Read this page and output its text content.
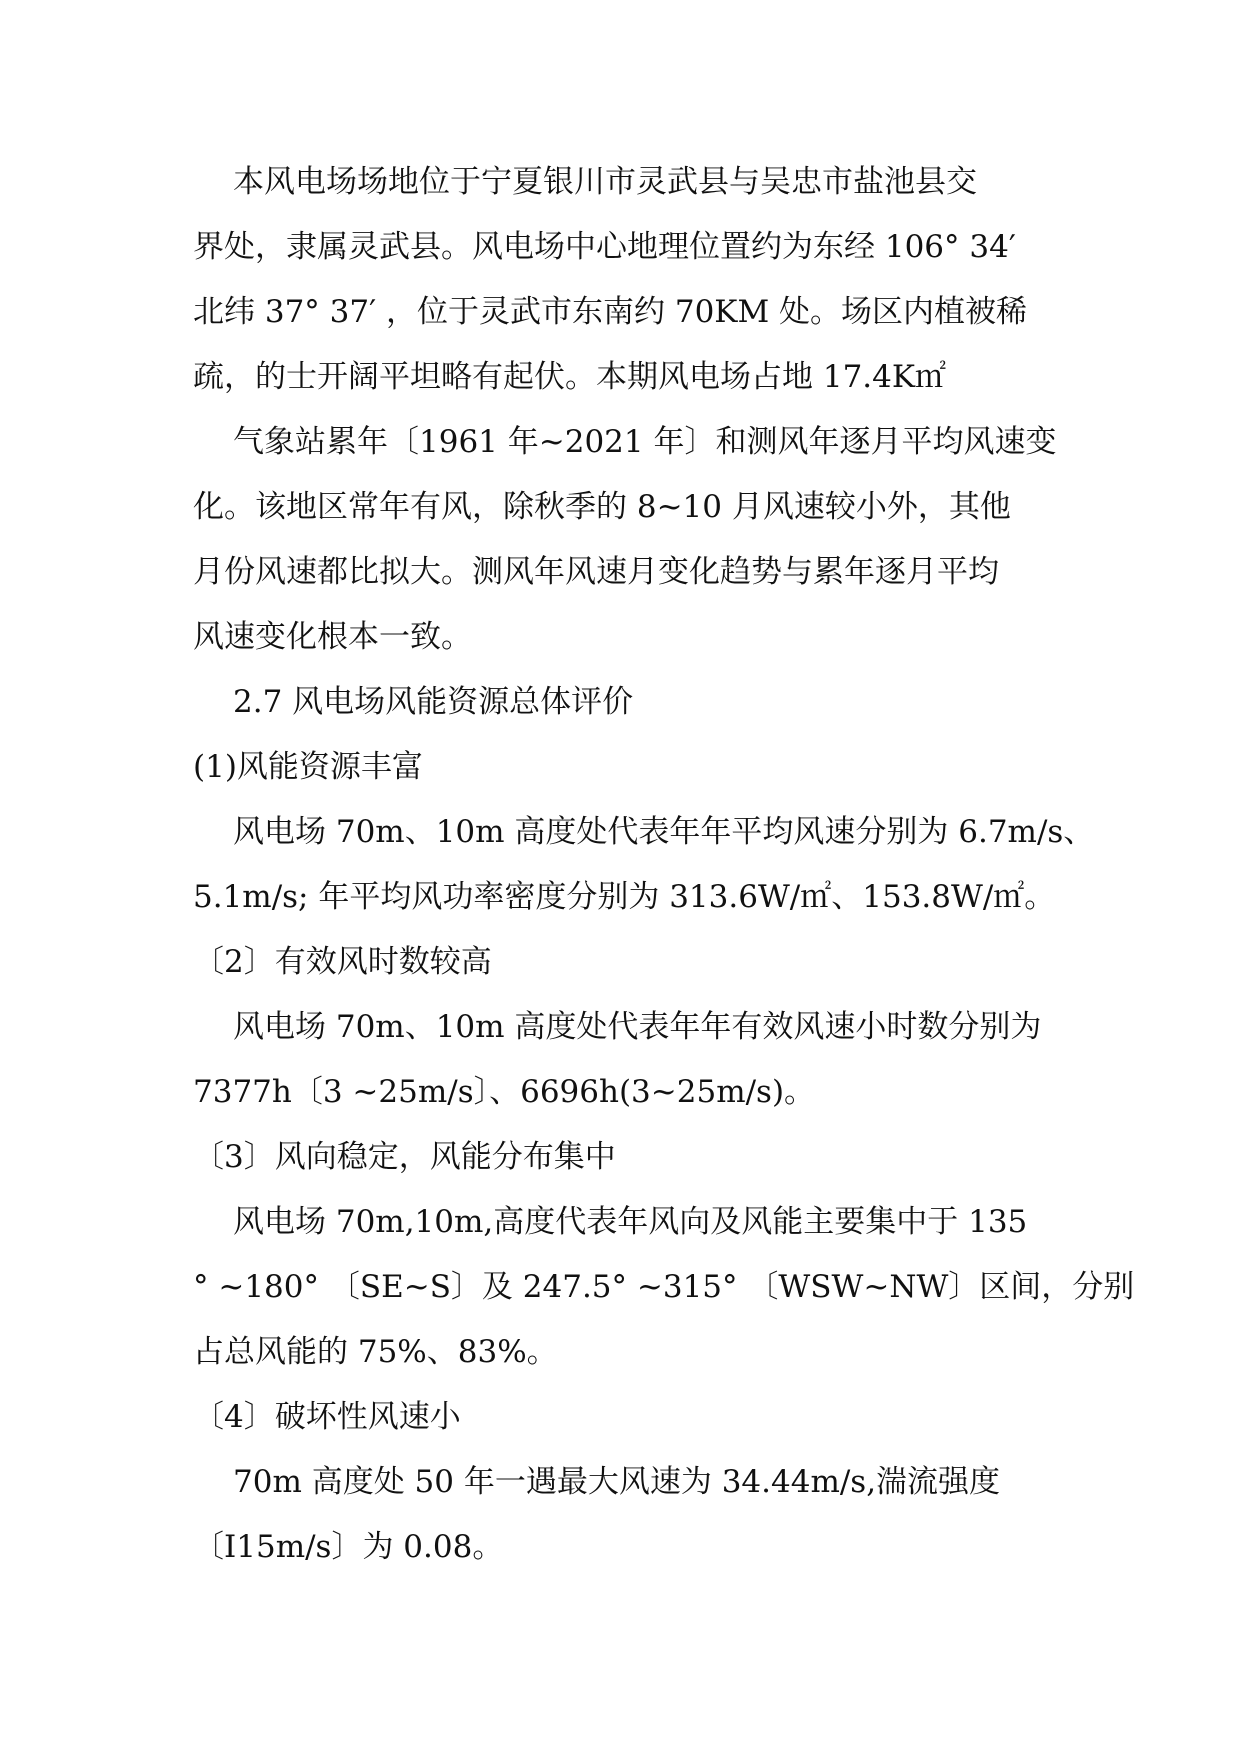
本风电场场地位于宁夏银川市灵武县与吴忠市盐池县交
界处，隶属灵武县。风电场中心地理位置约为东经 106° 34′
北纬 37° 37′ ，位于灵武市东南约 70KM 处。场区内植被稀
疏，的士开阔平坦略有起伏。本期风电场占地 17.4K㎡
气象站累年〔1961 年~2021 年〕和测风年逐月平均风速变
化。该地区常年有风，除秋季的 8~10 月风速较小外，其他
月份风速都比拟大。测风年风速月变化趋势与累年逐月平均
风速变化根本一致。
2.7 风电场风能资源总体评价
(1)风能资源丰富
风电场 70m、10m 高度处代表年年平均风速分别为 6.7m/s、
5.1m/s; 年平均风功率密度分别为 313.6W/㎡、153.8W/㎡。
〔2〕有效风时数较高
风电场 70m、10m 高度处代表年年有效风速小时数分别为
7377h〔3 ~25m/s〕、6696h(3~25m/s)。
〔3〕风向稳定，风能分布集中
风电场 70m,10m,高度代表年风向及风能主要集中于 135
° ~180° 〔SE~S〕及 247.5° ~315° 〔WSW~NW〕区间，分别
占总风能的 75%、83%。
〔4〕破坏性风速小
70m 高度处 50 年一遇最大风速为 34.44m/s,湍流强度
〔I15m/s〕为 0.08。
